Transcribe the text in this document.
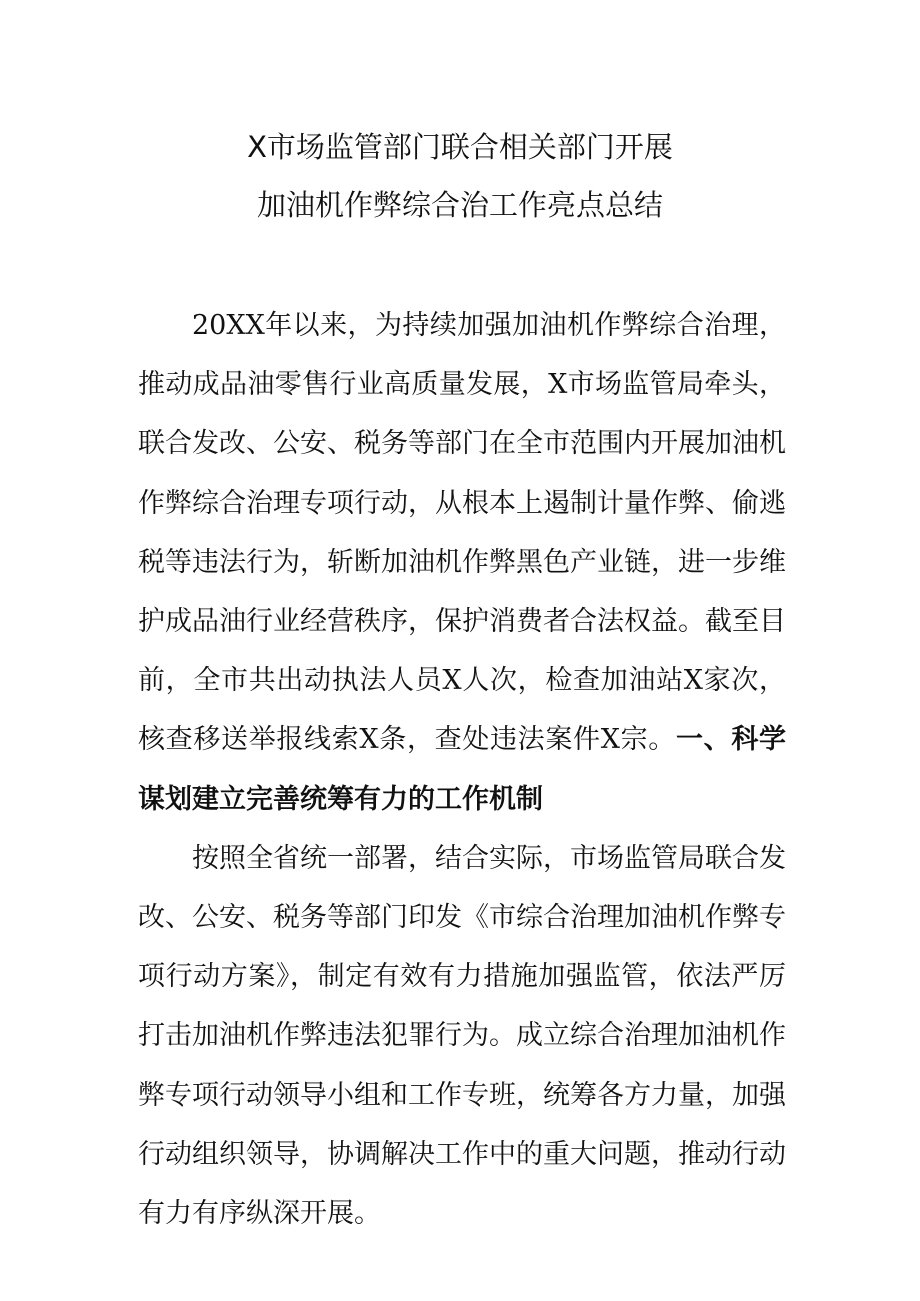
X市场监管部门联合相关部门开展
加油机作弊综合治工作亮点总结

20XX年以来，为持续加强加油机作弊综合治理，推动成品油零售行业高质量发展，X市场监管局牵头，联合发改、公安、税务等部门在全市范围内开展加油机作弊综合治理专项行动，从根本上遏制计量作弊、偷逃税等违法行为，斩断加油机作弊黑色产业链，进一步维护成品油行业经营秩序，保护消费者合法权益。截至目前，全市共出动执法人员X人次，检查加油站X家次，核查移送举报线索X条，查处违法案件X宗。一、科学谋划建立完善统筹有力的工作机制

按照全省统一部署，结合实际，市场监管局联合发改、公安、税务等部门印发《市综合治理加油机作弊专项行动方案》，制定有效有力措施加强监管，依法严厉打击加油机作弊违法犯罪行为。成立综合治理加油机作弊专项行动领导小组和工作专班，统筹各方力量，加强行动组织领导，协调解决工作中的重大问题，推动行动有力有序纵深开展。
